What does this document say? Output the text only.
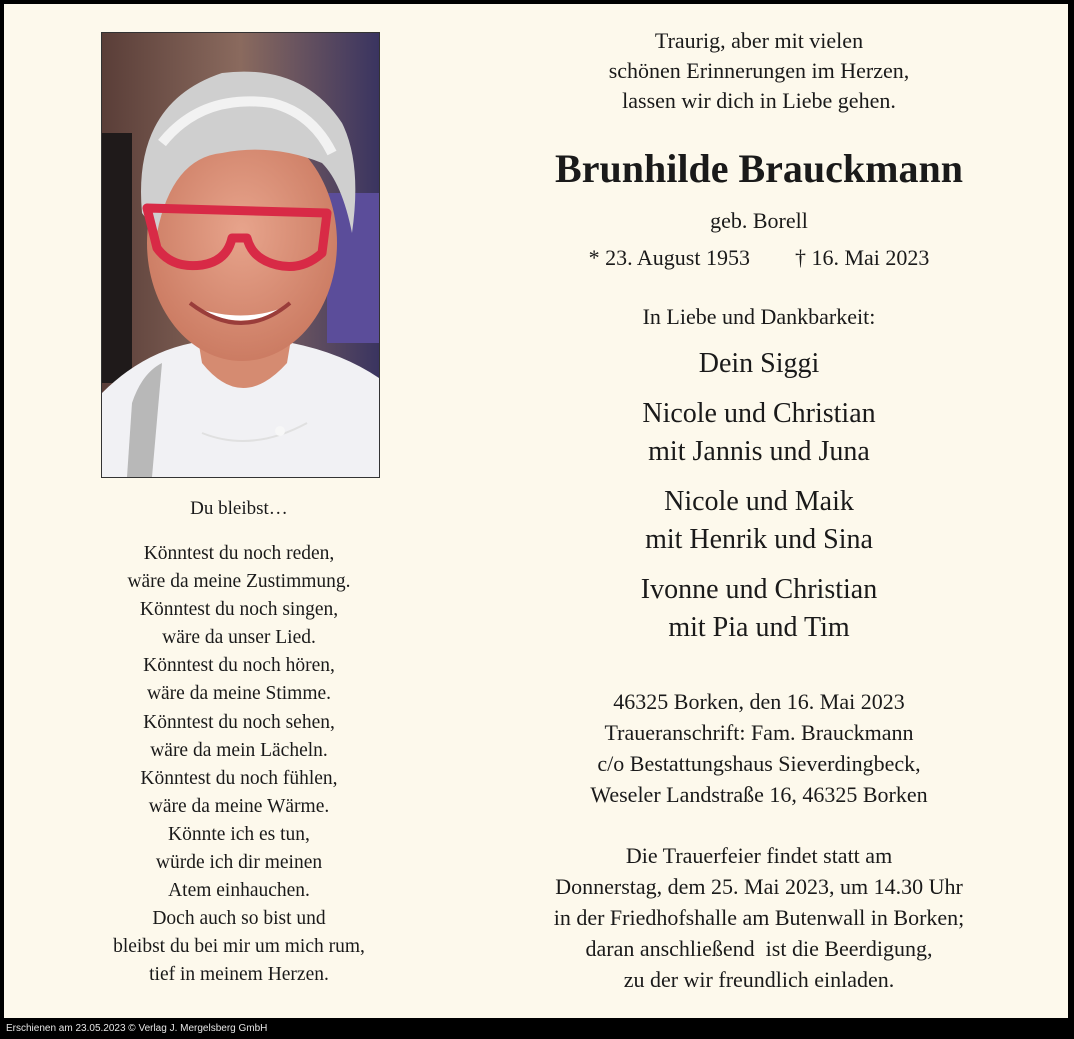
Du bleibst…
Könntest du noch reden,
wäre da meine Zustimmung.
Könntest du noch singen,
wäre da unser Lied.
Könntest du noch hören,
wäre da meine Stimme.
Könntest du noch sehen,
wäre da mein Lächeln.
Könntest du noch fühlen,
wäre da meine Wärme.
Könnte ich es tun,
würde ich dir meinen
Atem einhauchen.
Doch auch so bist und
bleibst du bei mir um mich rum,
tief in meinem Herzen.
Traurig, aber mit vielen
schönen Erinnerungen im Herzen,
lassen wir dich in Liebe gehen.
Brunhilde Brauckmann
geb. Borell
* 23. August 1953 † 16. Mai 2023
In Liebe und Dankbarkeit:
Dein Siggi
Nicole und Christian
mit Jannis und Juna
Nicole und Maik
mit Henrik und Sina
Ivonne und Christian
mit Pia und Tim
46325 Borken, den 16. Mai 2023
Traueranschrift: Fam. Brauckmann
c/o Bestattungshaus Sieverdingbeck,
Weseler Landstraße 16, 46325 Borken
Die Trauerfeier findet statt am
Donnerstag, dem 25. Mai 2023, um 14.30 Uhr
in der Friedhofshalle am Butenwall in Borken;
daran anschließend  ist die Beerdigung,
zu der wir freundlich einladen.
Erschienen am 23.05.2023 © Verlag J. Mergelsberg GmbH
